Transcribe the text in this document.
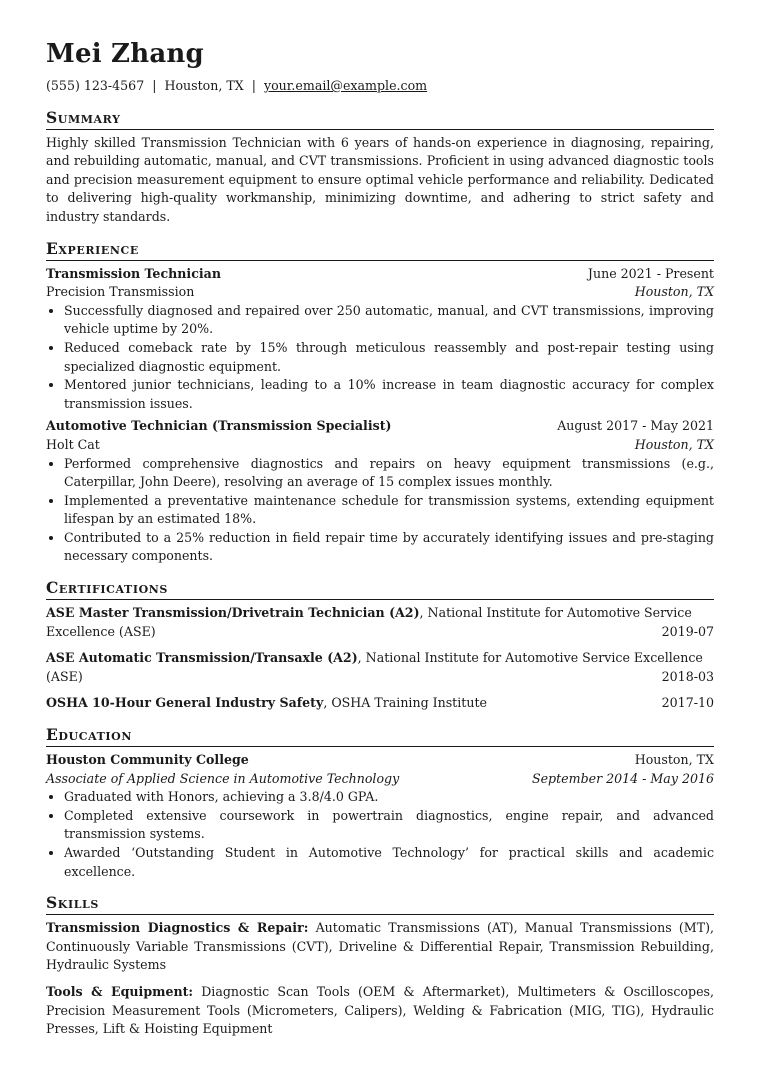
Mei Zhang
(555) 123-4567 | Houston, TX | your.email@example.com
Summary
Highly skilled Transmission Technician with 6 years of hands-on experience in diagnosing, repairing, and rebuilding automatic, manual, and CVT transmissions. Proficient in using advanced diagnostic tools and precision measurement equipment to ensure optimal vehicle performance and reliability. Dedicated to delivering high-quality workmanship, minimizing downtime, and adhering to strict safety and industry standards.
Experience
Transmission Technician	June 2021 - Present
Precision Transmission	Houston, TX
• Successfully diagnosed and repaired over 250 automatic, manual, and CVT transmissions, improving vehicle uptime by 20%.
• Reduced comeback rate by 15% through meticulous reassembly and post-repair testing using specialized diagnostic equipment.
• Mentored junior technicians, leading to a 10% increase in team diagnostic accuracy for complex transmission issues.
Automotive Technician (Transmission Specialist)	August 2017 - May 2021
Holt Cat	Houston, TX
• Performed comprehensive diagnostics and repairs on heavy equipment transmissions (e.g., Caterpillar, John Deere), resolving an average of 15 complex issues monthly.
• Implemented a preventative maintenance schedule for transmission systems, extending equipment lifespan by an estimated 18%.
• Contributed to a 25% reduction in field repair time by accurately identifying issues and pre-staging necessary components.
Certifications
ASE Master Transmission/Drivetrain Technician (A2), National Institute for Automotive Service Excellence (ASE)	2019-07
ASE Automatic Transmission/Transaxle (A2), National Institute for Automotive Service Excellence (ASE)	2018-03
OSHA 10-Hour General Industry Safety, OSHA Training Institute	2017-10
Education
Houston Community College	Houston, TX
Associate of Applied Science in Automotive Technology	September 2014 - May 2016
• Graduated with Honors, achieving a 3.8/4.0 GPA.
• Completed extensive coursework in powertrain diagnostics, engine repair, and advanced transmission systems.
• Awarded ‘Outstanding Student in Automotive Technology’ for practical skills and academic excellence.
Skills
Transmission Diagnostics & Repair: Automatic Transmissions (AT), Manual Transmissions (MT), Continuously Variable Transmissions (CVT), Driveline & Differential Repair, Transmission Rebuilding, Hydraulic Systems
Tools & Equipment: Diagnostic Scan Tools (OEM & Aftermarket), Multimeters & Oscilloscopes, Precision Measurement Tools (Micrometers, Calipers), Welding & Fabrication (MIG, TIG), Hydraulic Presses, Lift & Hoisting Equipment
